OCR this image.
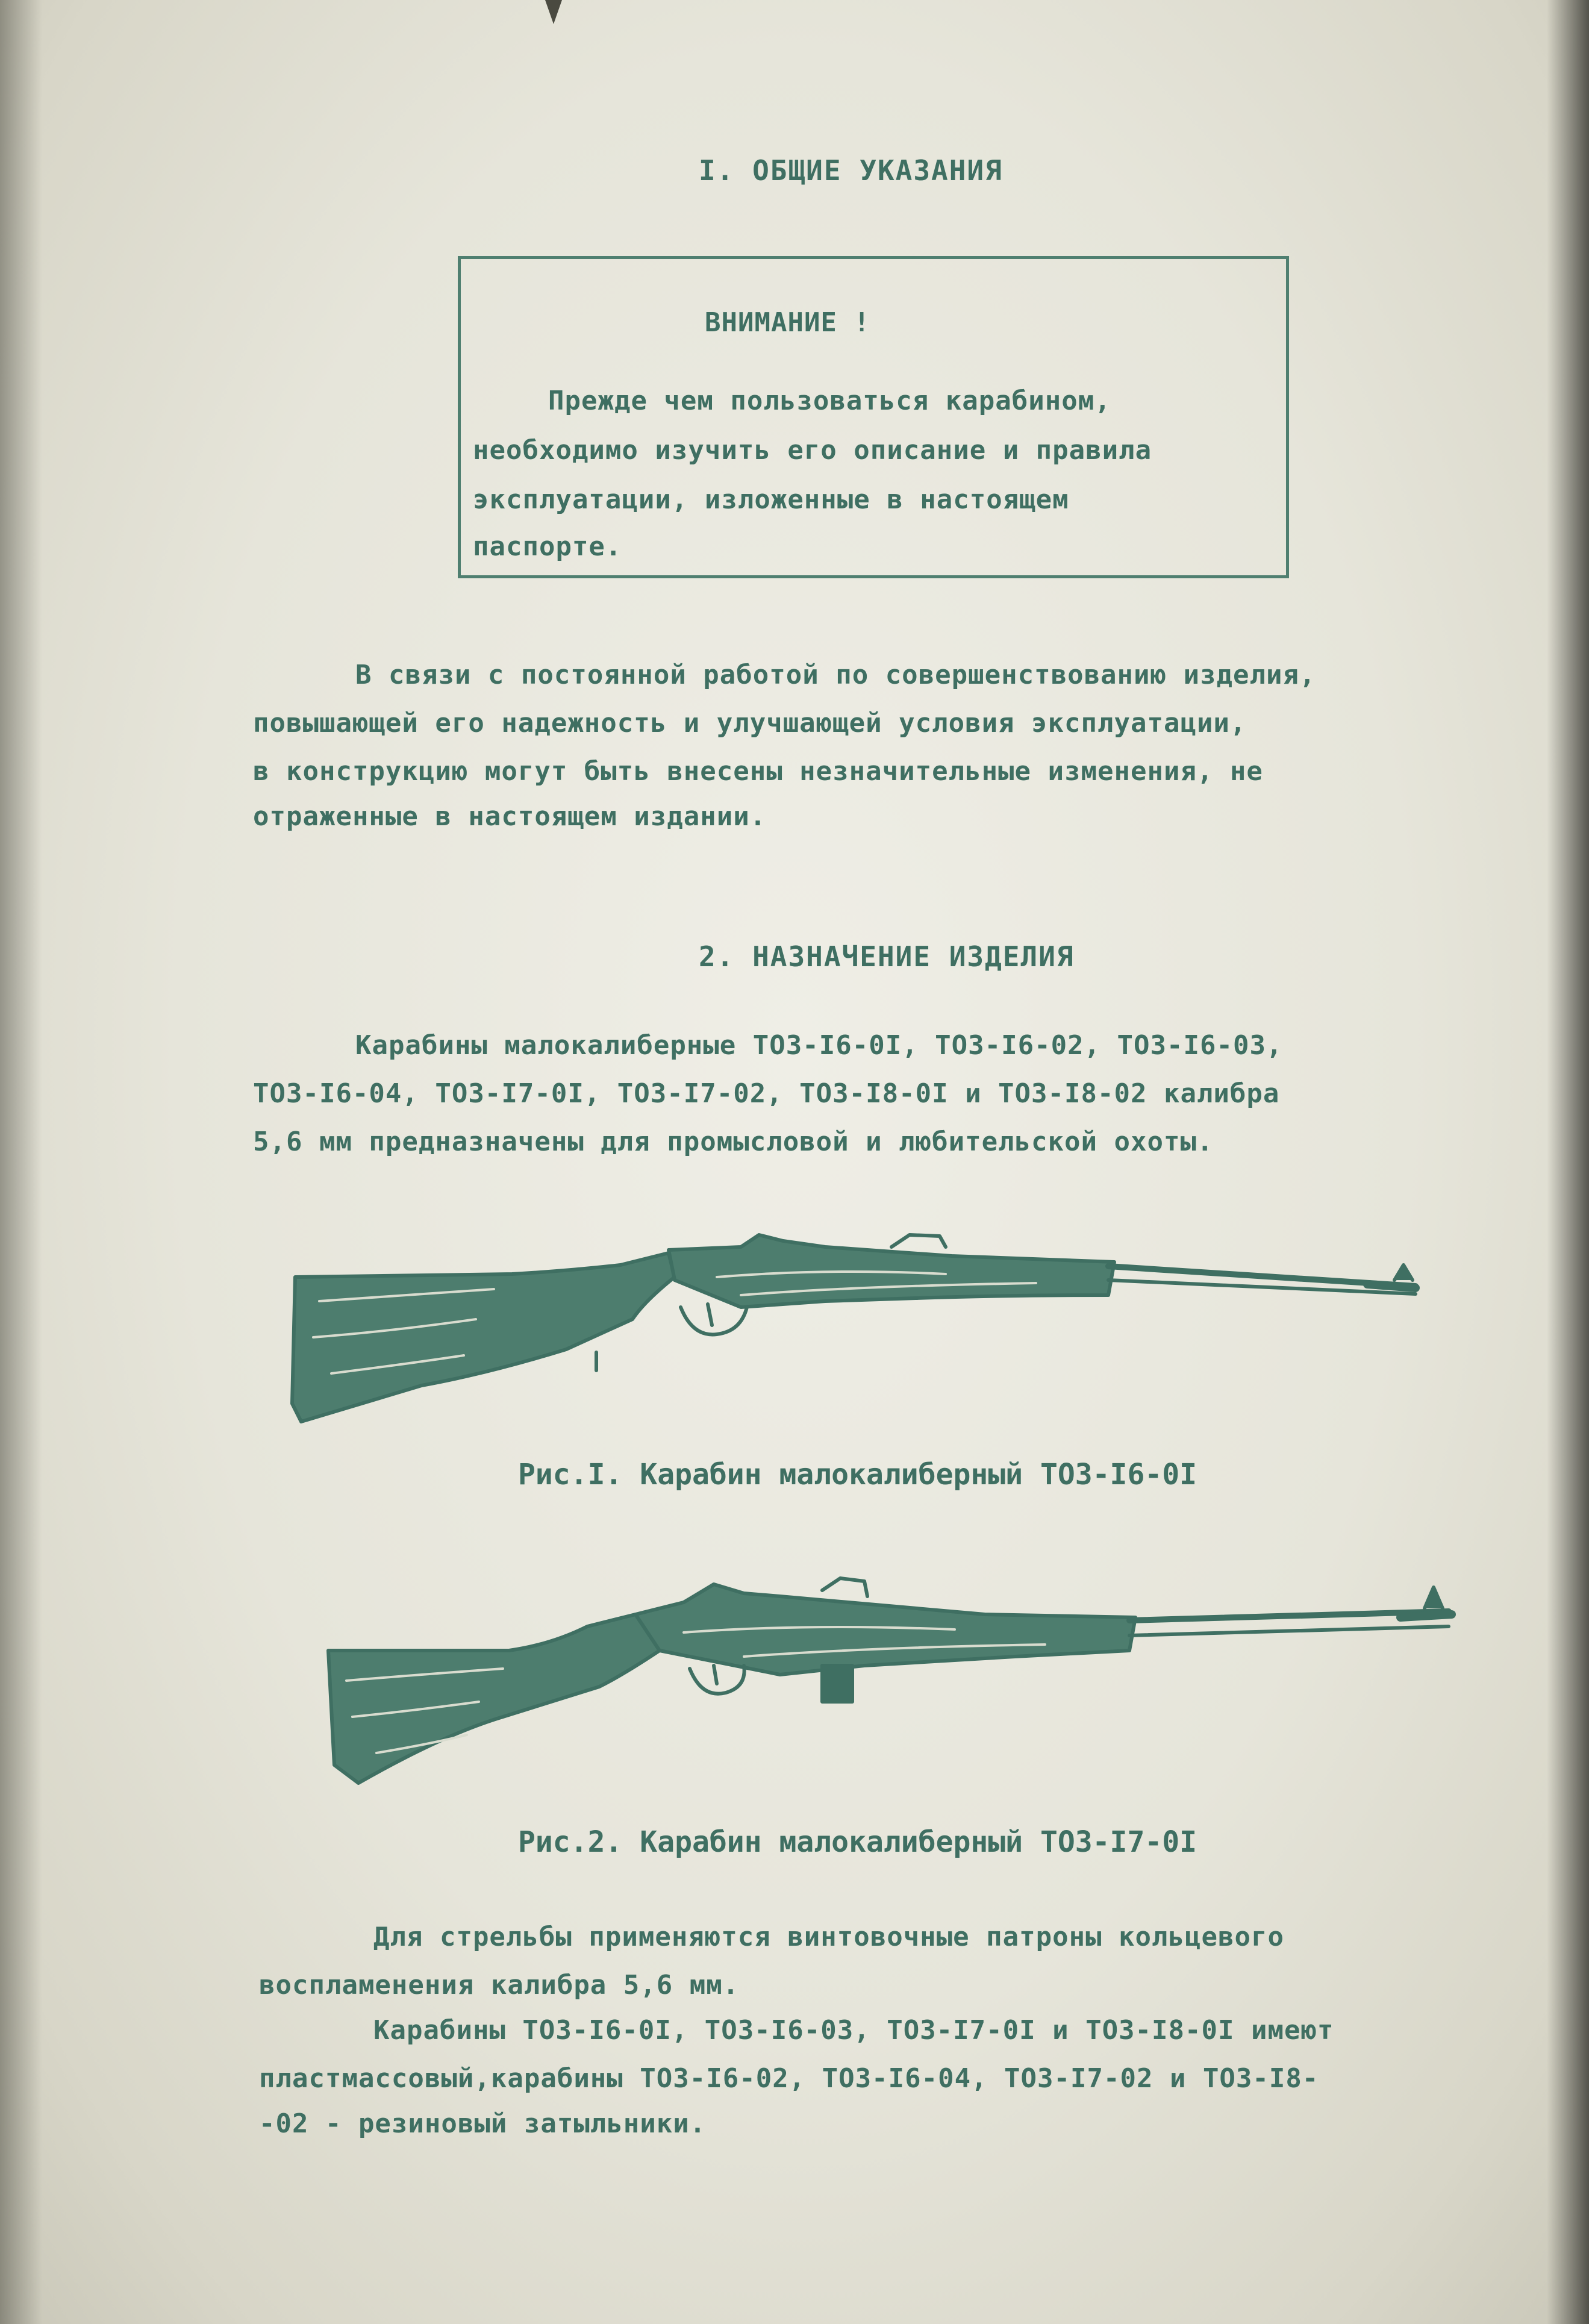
I. ОБЩИЕ УКАЗАНИЯ
ВНИМАНИЕ !
Прежде чем пользоваться карабином,
необходимо изучить его описание и правила
эксплуатации, изложенные в настоящем
паспорте.
В связи с постоянной работой по совершенствованию изделия,
повышающей его надежность и улучшающей условия эксплуатации,
в конструкцию могут быть внесены незначительные изменения, не
отраженные в настоящем издании.
2. НАЗНАЧЕНИЕ ИЗДЕЛИЯ
Карабины малокалиберные ТОЗ-I6-0I, ТОЗ-I6-02, ТОЗ-I6-03,
ТОЗ-I6-04, ТОЗ-I7-0I, ТОЗ-I7-02, ТОЗ-I8-0I и ТОЗ-I8-02 калибра
5,6 мм предназначены для промысловой и любительской охоты.
Рис.I. Карабин малокалиберный ТОЗ-I6-0I
Рис.2. Карабин малокалиберный ТОЗ-I7-0I
Для стрельбы применяются винтовочные патроны кольцевого
воспламенения калибра 5,6 мм.
Карабины ТОЗ-I6-0I, ТОЗ-I6-03, ТОЗ-I7-0I и ТОЗ-I8-0I имеют
пластмассовый,карабины ТОЗ-I6-02, ТОЗ-I6-04, ТОЗ-I7-02 и ТОЗ-I8-
-02 - резиновый затыльники.
